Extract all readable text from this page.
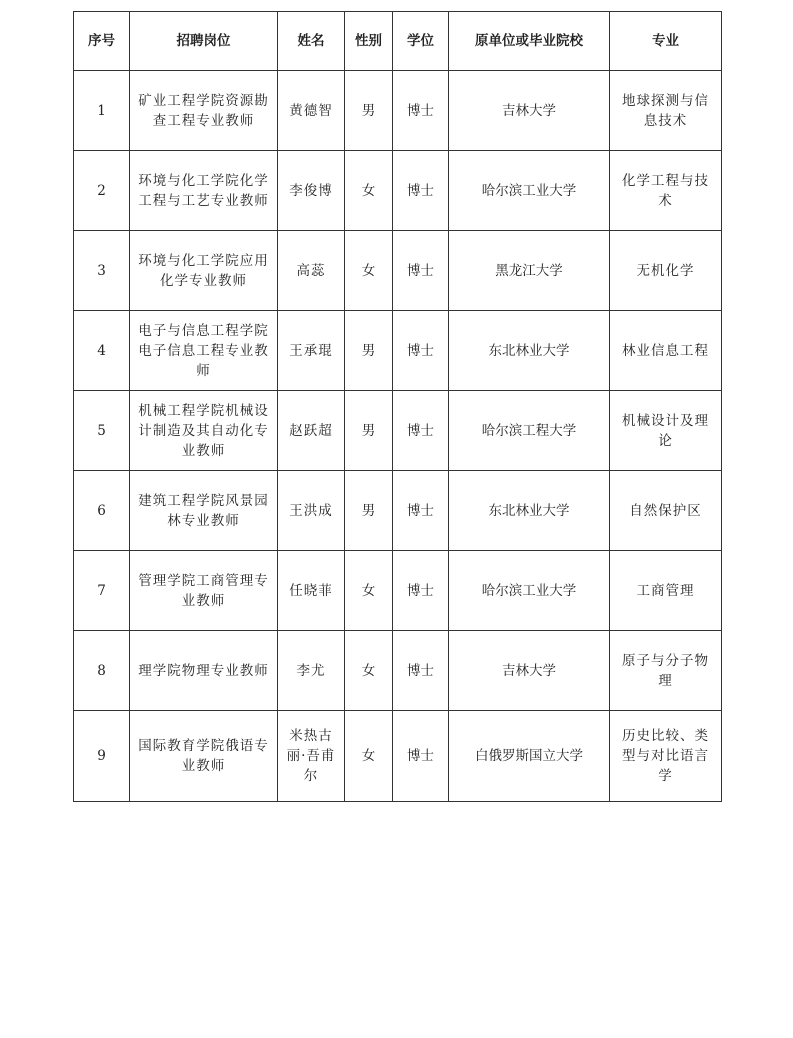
序号	招聘岗位	姓名	性别	学位	原单位或毕业院校	专业
1	矿业工程学院资源勘查工程专业教师	黄德智	男	博士	吉林大学	地球探测与信息技术
2	环境与化工学院化学工程与工艺专业教师	李俊博	女	博士	哈尔滨工业大学	化学工程与技术
3	环境与化工学院应用化学专业教师	高蕊	女	博士	黑龙江大学	无机化学
4	电子与信息工程学院电子信息工程专业教师	王承琨	男	博士	东北林业大学	林业信息工程
5	机械工程学院机械设计制造及其自动化专业教师	赵跃超	男	博士	哈尔滨工程大学	机械设计及理论
6	建筑工程学院风景园林专业教师	王洪成	男	博士	东北林业大学	自然保护区
7	管理学院工商管理专业教师	任晓菲	女	博士	哈尔滨工业大学	工商管理
8	理学院物理专业教师	李尤	女	博士	吉林大学	原子与分子物理
9	国际教育学院俄语专业教师	米热古丽·吾甫尔	女	博士	白俄罗斯国立大学	历史比较、类型与对比语言学
